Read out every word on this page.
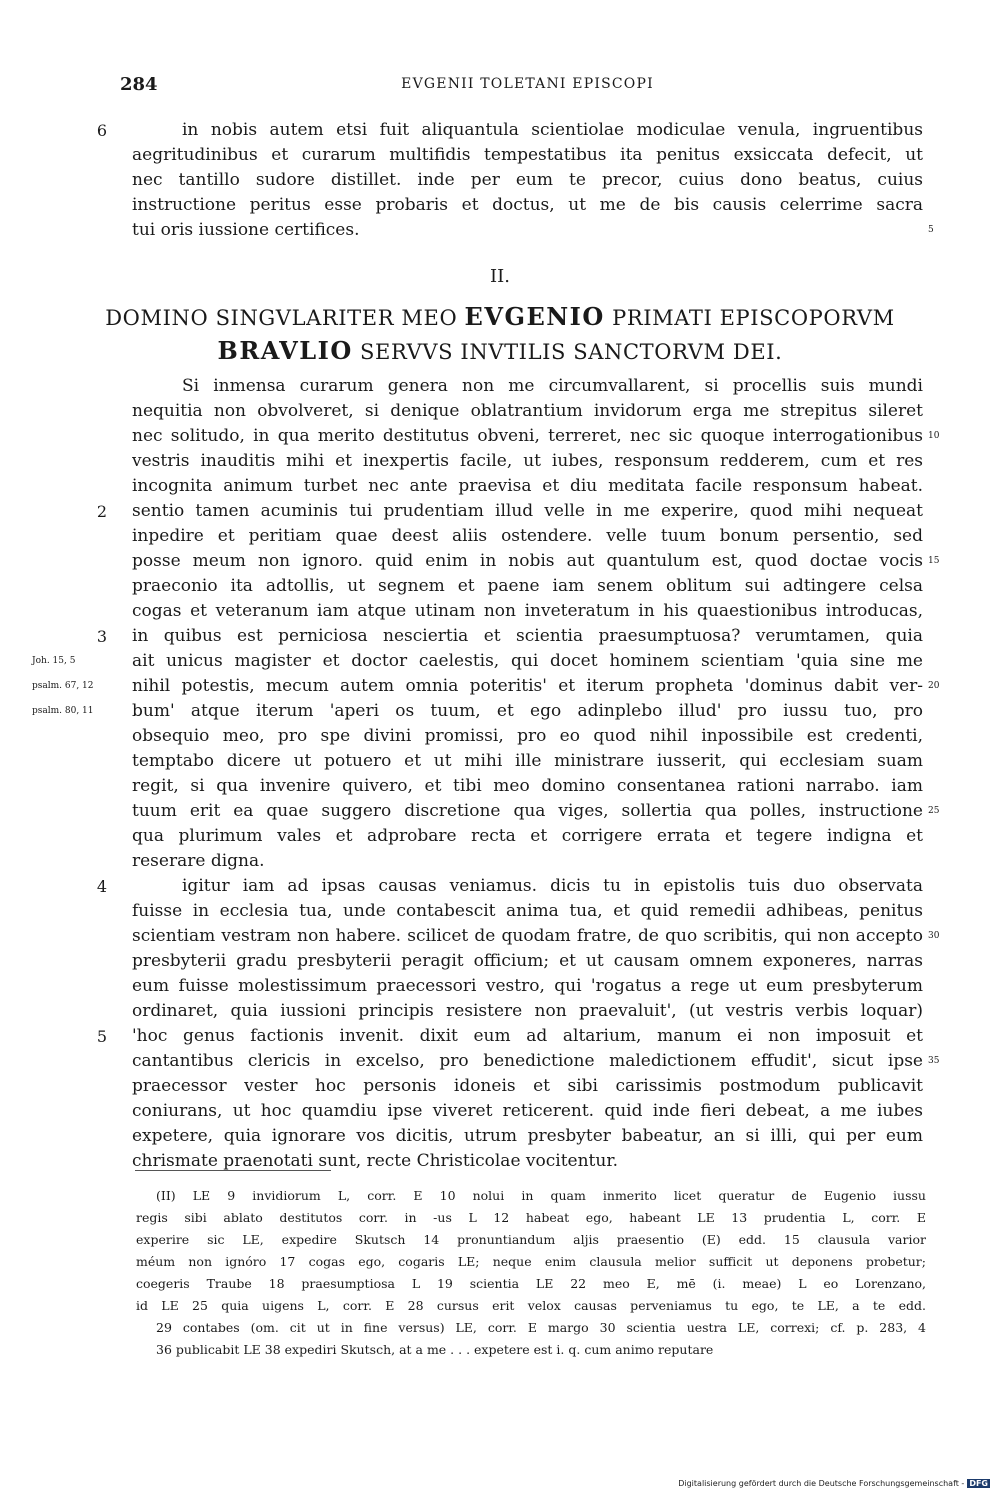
284	EVGENII TOLETANI EPISCOPI
6	in nobis autem etsi fuit aliquantula scientiolae modiculae venula, ingruentibus
aegritudinibus et curarum multifidis tempestatibus ita penitus exsiccata defecit, ut
nec tantillo sudore distillet. inde per eum te precor, cuius dono beatus, cuius
instructione peritus esse probaris et doctus, ut me de bis causis celerrime sacra
tui oris iussione certifices.	5
II.
DOMINO SINGVLARITER MEO EVGENIO PRIMATI EPISCOPORVM
BRAVLIO SERVVS INVTILIS SANCTORVM DEI.
Si inmensa curarum genera non me circumvallarent, si procellis suis mundi
nequitia non obvolveret, si denique oblatrantium invidorum erga me strepitus sileret
nec solitudo, in qua merito destitutus obveni, terreret, nec sic quoque interrogationibus
vestris inauditis mihi et inexpertis facile, ut iubes, responsum redderem, cum et res
incognita animum turbet nec ante praevisa et diu meditata facile responsum habeat.
sentio tamen acuminis tui prudentiam illud velle in me experire, quod mihi nequeat
inpedire et peritiam quae deest aliis ostendere. velle tuum bonum persentio, sed
posse meum non ignoro. quid enim in nobis aut quantulum est, quod doctae vocis
praeconio ita adtollis, ut segnem et paene iam senem oblitum sui adtingere celsa
cogas et veteranum iam atque utinam non inveteratum in his quaestionibus introducas,
in quibus est perniciosa nesciertia et scientia praesumptuosa? verumtamen, quia
ait unicus magister et doctor caelestis, qui docet hominem scientiam 'quia sine me
nihil potestis, mecum autem omnia poteritis' et iterum propheta 'dominus dabit ver-
bum' atque iterum 'aperi os tuum, et ego adinplebo illud' pro iussu tuo, pro
obsequio meo, pro spe divini promissi, pro eo quod nihil inpossibile est credenti,
temptabo dicere ut potuero et ut mihi ille ministrare iusserit, qui ecclesiam suam
regit, si qua invenire quivero, et tibi meo domino consentanea rationi narrabo. iam
tuum erit ea quae suggero discretione qua viges, sollertia qua polles, instructione
qua plurimum vales et adprobare recta et corrigere errata et tegere indigna et
reserare digna.
igitur iam ad ipsas causas veniamus. dicis tu in epistolis tuis duo observata
fuisse in ecclesia tua, unde contabescit anima tua, et quid remedii adhibeas, penitus
scientiam vestram non habere. scilicet de quodam fratre, de quo scribitis, qui non accepto
presbyterii gradu presbyterii peragit officium; et ut causam omnem exponeres, narras
eum fuisse molestissimum praecessori vestro, qui 'rogatus a rege ut eum presbyterum
ordinaret, quia iussioni principis resistere non praevaluit', (ut vestris verbis loquar)
'hoc genus factionis invenit. dixit eum ad altarium, manum ei non imposuit et
cantantibus clericis in excelso, pro benedictione maledictionem effudit', sicut ipse
praecessor vester hoc personis idoneis et sibi carissimis postmodum publicavit
coniurans, ut hoc quamdiu ipse viveret reticerent. quid inde fieri debeat, a me iubes
expetere, quia ignorare vos dicitis, utrum presbyter babeatur, an si illi, qui per eum
chrismate praenotati sunt, recte Christicolae vocitentur.
2
3
4
5
10
15
20
25
30
35
Joh. 15, 5
psalm. 67, 12
psalm. 80, 11
(II) LE 9 invidiorum L, corr. E 10 nolui in quam inmerito licet queratur de Eugenio iussu
regis sibi ablato destitutos corr. in -us L 12 habeat ego, habeant LE 13 prudentia L, corr. E
experire sic LE, expedire Skutsch 14 pronuntiandum aljis praesentio (E) edd. 15 clausula varior
méum non ignóro 17 cogas ego, cogaris LE; neque enim clausula melior sufficit ut deponens probetur;
coegeris Traube 18 praesumptiosa L 19 scientia LE 22 meo E, mē (i. meae) L eo Lorenzano,
id LE 25 quia uigens L, corr. E 28 cursus erit velox causas perveniamus tu ego, te LE, a te edd.
29 contabes (om. cit ut in fine versus) LE, corr. E margo 30 scientia uestra LE, correxi; cf. p. 283, 4
36 publicabit LE 38 expediri Skutsch, at a me . . . expetere est i. q. cum animo reputare
Digitalisierung gefördert durch die Deutsche Forschungsgemeinschaft - DFG
